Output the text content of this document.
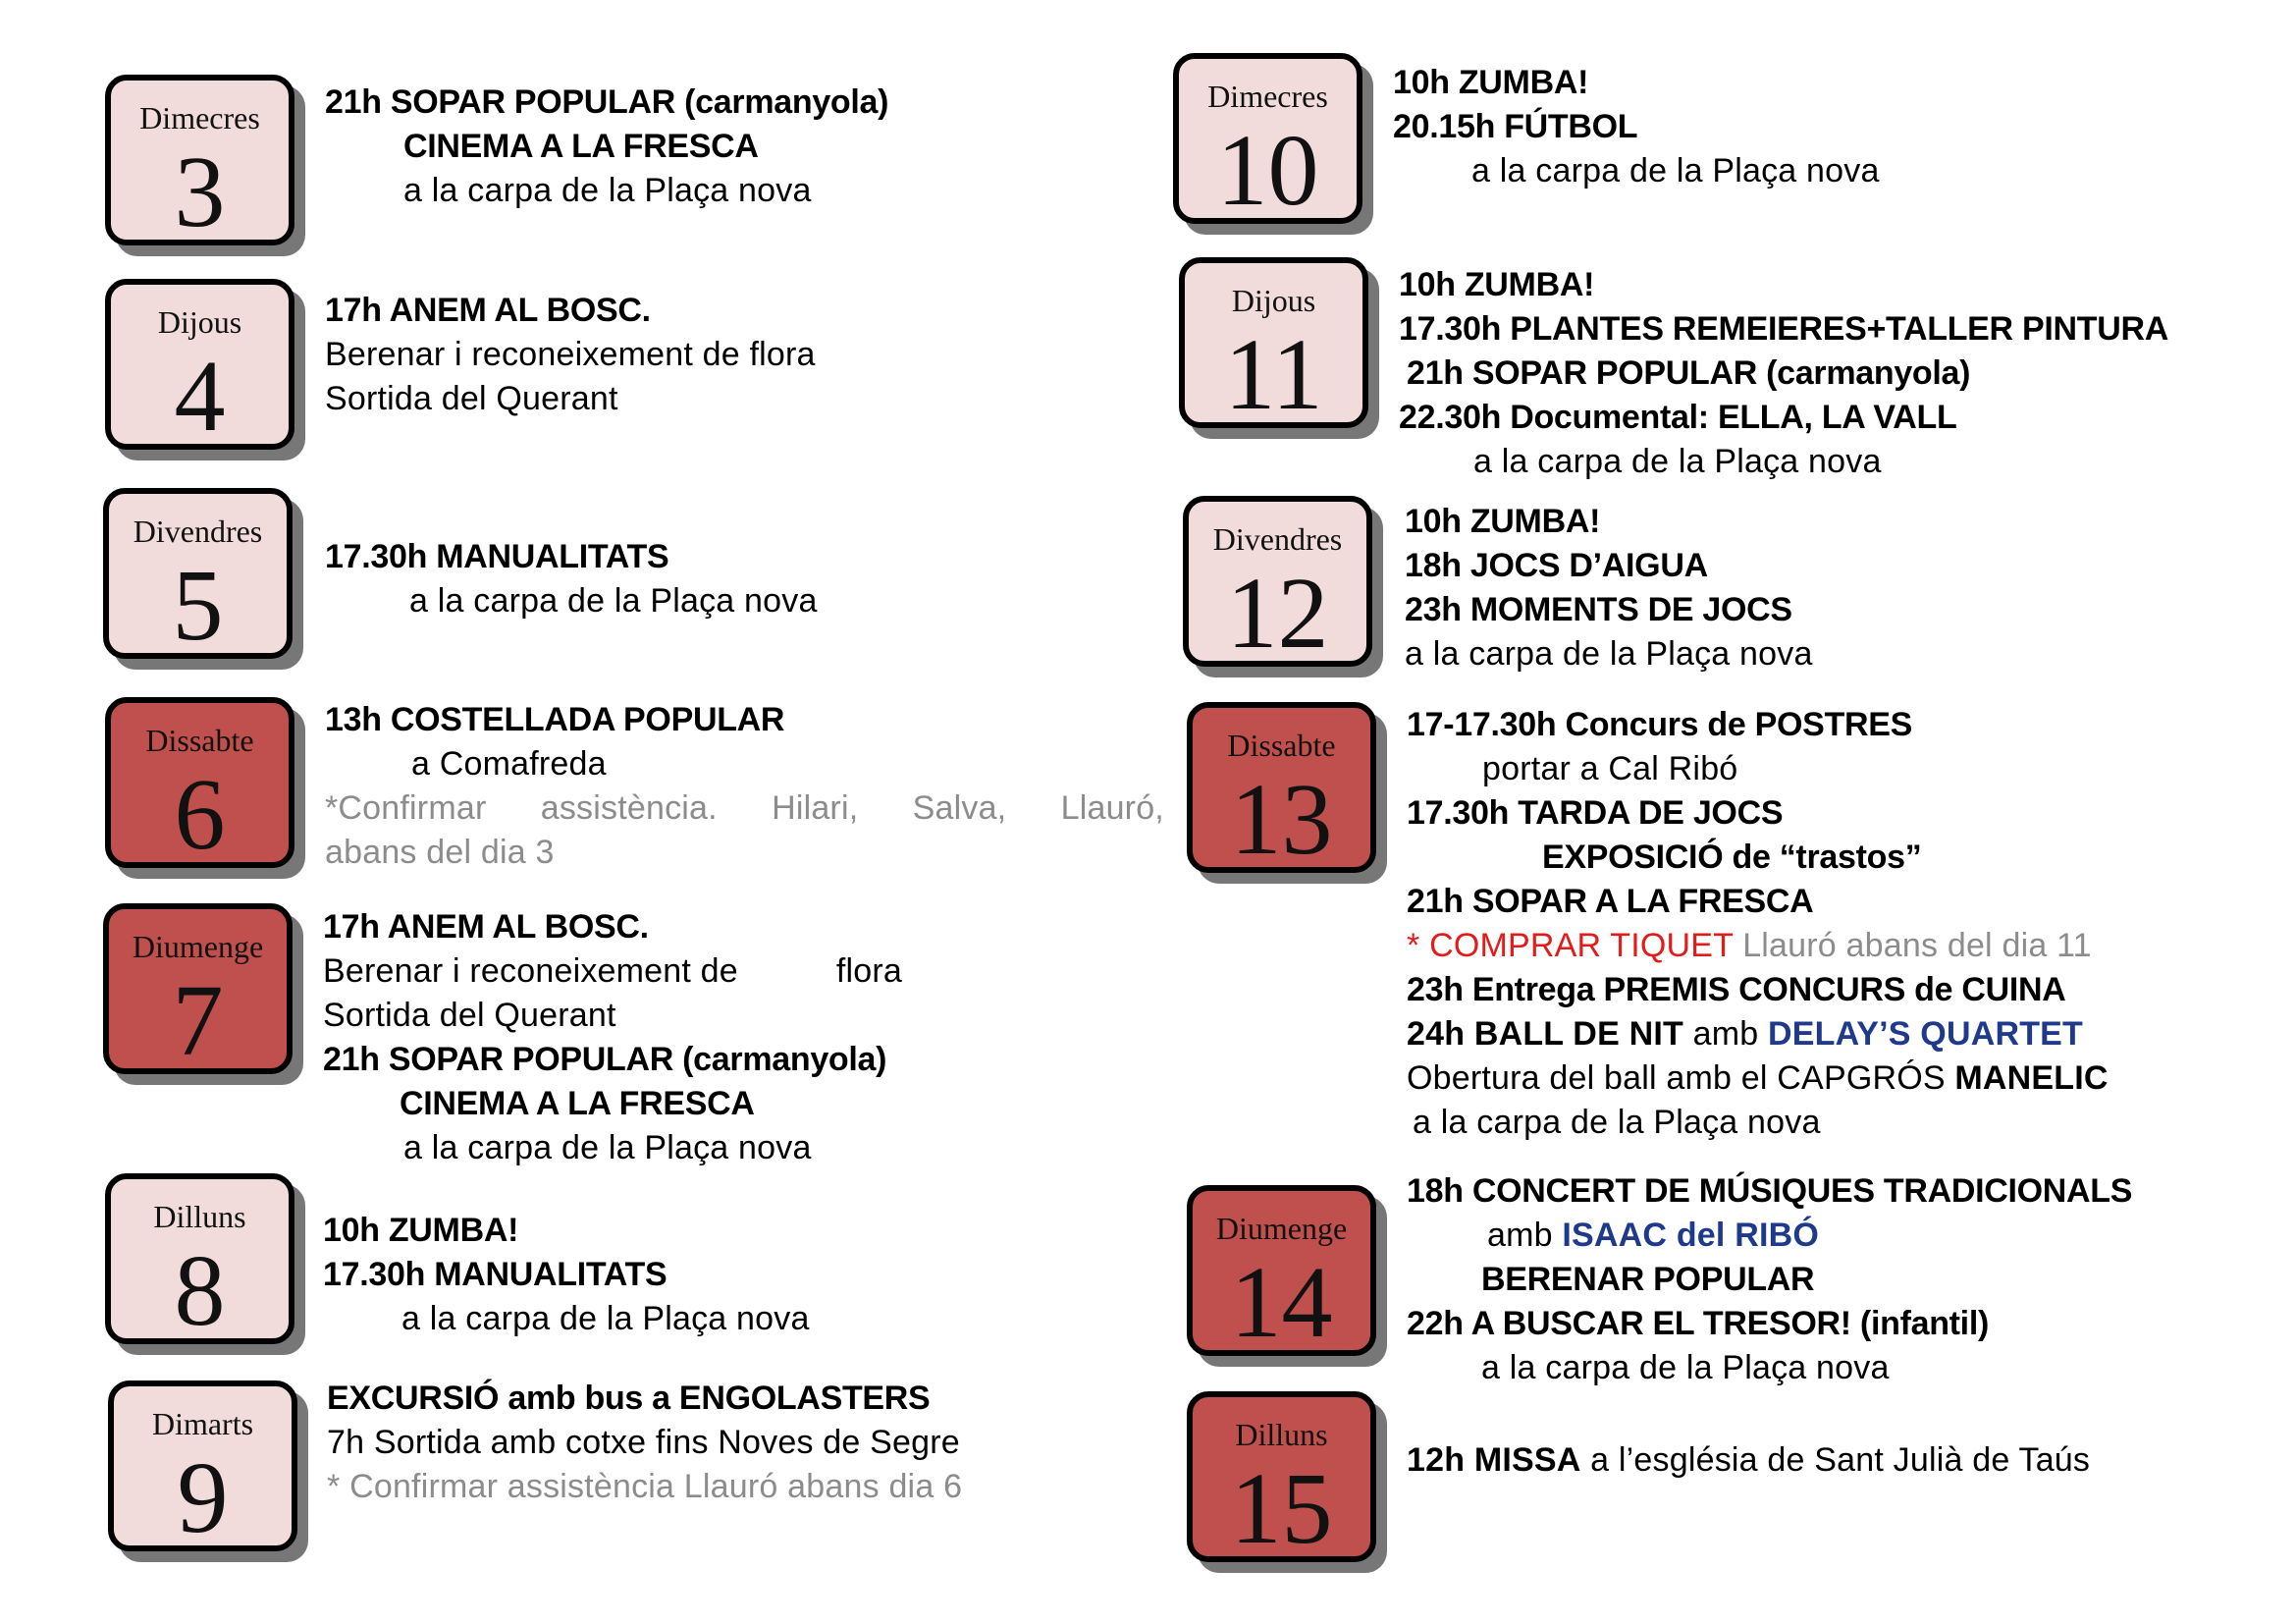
Dimecres
3
21h SOPAR POPULAR (carmanyola)
CINEMA A LA FRESCA
a la carpa de la Plaça nova
Dijous
4
17h ANEM AL BOSC.
Berenar i reconeixement de flora
Sortida del Querant
Divendres
5	17.30h MANUALITATS
a la carpa de la Plaça nova
Dissabte
6
13h COSTELLADA POPULAR
a Comafreda
*Confirmar assistència. Hilari, Salva, Llauró,
abans del dia 3
Diumenge
7
17h ANEM AL BOSC.
Berenar i reconeixement de	flora
Sortida del Querant
21h SOPAR POPULAR (carmanyola)
CINEMA A LA FRESCA
a la carpa de la Plaça nova
Dilluns
8
10h ZUMBA!
17.30h MANUALITATS
a la carpa de la Plaça nova
Dimarts
9
EXCURSIÓ amb bus a ENGOLASTERS
7h Sortida amb cotxe fins Noves de Segre
* Confirmar assistència Llauró abans dia 6
Dimecres
10
10h ZUMBA!
20.15h FÚTBOL
a la carpa de la Plaça nova
Dijous
11
10h ZUMBA!
17.30h PLANTES REMEIERES+TALLER PINTURA
21h SOPAR POPULAR (carmanyola)
22.30h Documental: ELLA, LA VALL
a la carpa de la Plaça nova
Divendres
12
10h ZUMBA!
18h JOCS D’AIGUA
23h MOMENTS DE JOCS
a la carpa de la Plaça nova
Dissabte
13
17-17.30h Concurs de POSTRES
portar a Cal Ribó
17.30h TARDA DE JOCS
EXPOSICIÓ de “trastos”
21h SOPAR A LA FRESCA
* COMPRAR TIQUET Llauró abans del dia 11
23h Entrega PREMIS CONCURS de CUINA
24h BALL DE NIT amb DELAY’S QUARTET
Obertura del ball amb el CAPGRÓS MANELIC
a la carpa de la Plaça nova
Diumenge
14
18h CONCERT DE MÚSIQUES TRADICIONALS
amb ISAAC del RIBÓ
BERENAR POPULAR
22h A BUSCAR EL TRESOR! (infantil)
a la carpa de la Plaça nova
Dilluns
15	12h MISSA a l’església de Sant Julià de Taús
